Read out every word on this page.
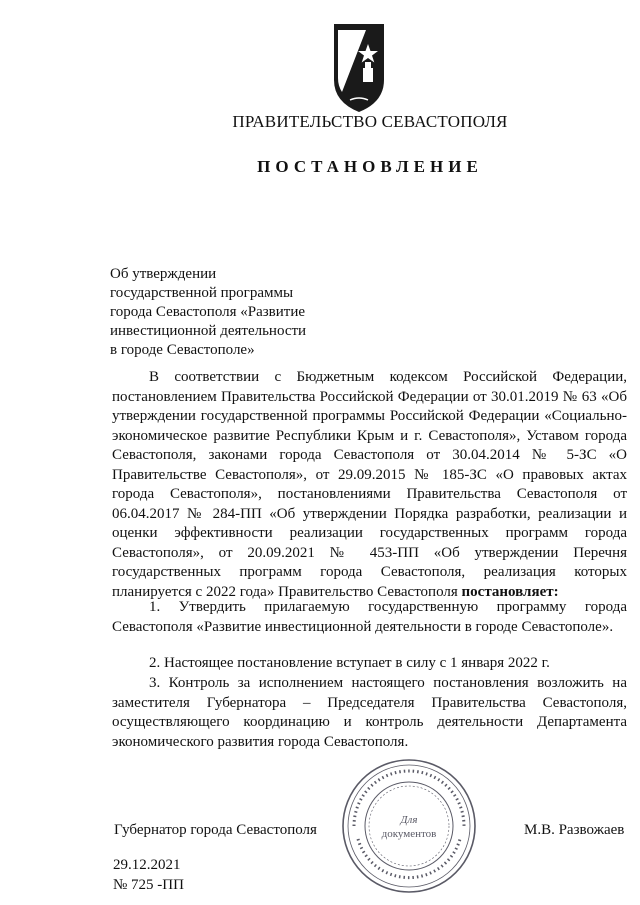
ПРАВИТЕЛЬСТВО СЕВАСТОПОЛЯ
ПОСТАНОВЛЕНИЕ
Об утверждении
государственной программы
города Севастополя «Развитие
инвестиционной деятельности
в городе Севастополе»
В соответствии с Бюджетным кодексом Российской Федерации, постановлением Правительства Российской Федерации от 30.01.2019 № 63 «Об утверждении государственной программы Российской Федерации «Социально-экономическое развитие Республики Крым и г. Севастополя», Уставом города Севастополя, законами города Севастополя от 30.04.2014 № 5-ЗС «О Правительстве Севастополя», от 29.09.2015 № 185-ЗС «О правовых актах города Севастополя», постановлениями Правительства Севастополя от 06.04.2017 № 284-ПП «Об утверждении Порядка разработки, реализации и оценки эффективности реализации государственных программ города Севастополя», от 20.09.2021 № 453-ПП «Об утверждении Перечня государственных программ города Севастополя, реализация которых планируется с 2022 года» Правительство Севастополя постановляет:
1. Утвердить прилагаемую государственную программу города Севастополя «Развитие инвестиционной деятельности в городе Севастополе».
2. Настоящее постановление вступает в силу с 1 января 2022 г.
3. Контроль за исполнением настоящего постановления возложить на заместителя Губернатора – Председателя Правительства Севастополя, осуществляющего координацию и контроль деятельности Департамента экономического развития города Севастополя.
Губернатор города Севастополя
Для
документов	М.В. Развожаев
29.12.2021
№ 725 -ПП
